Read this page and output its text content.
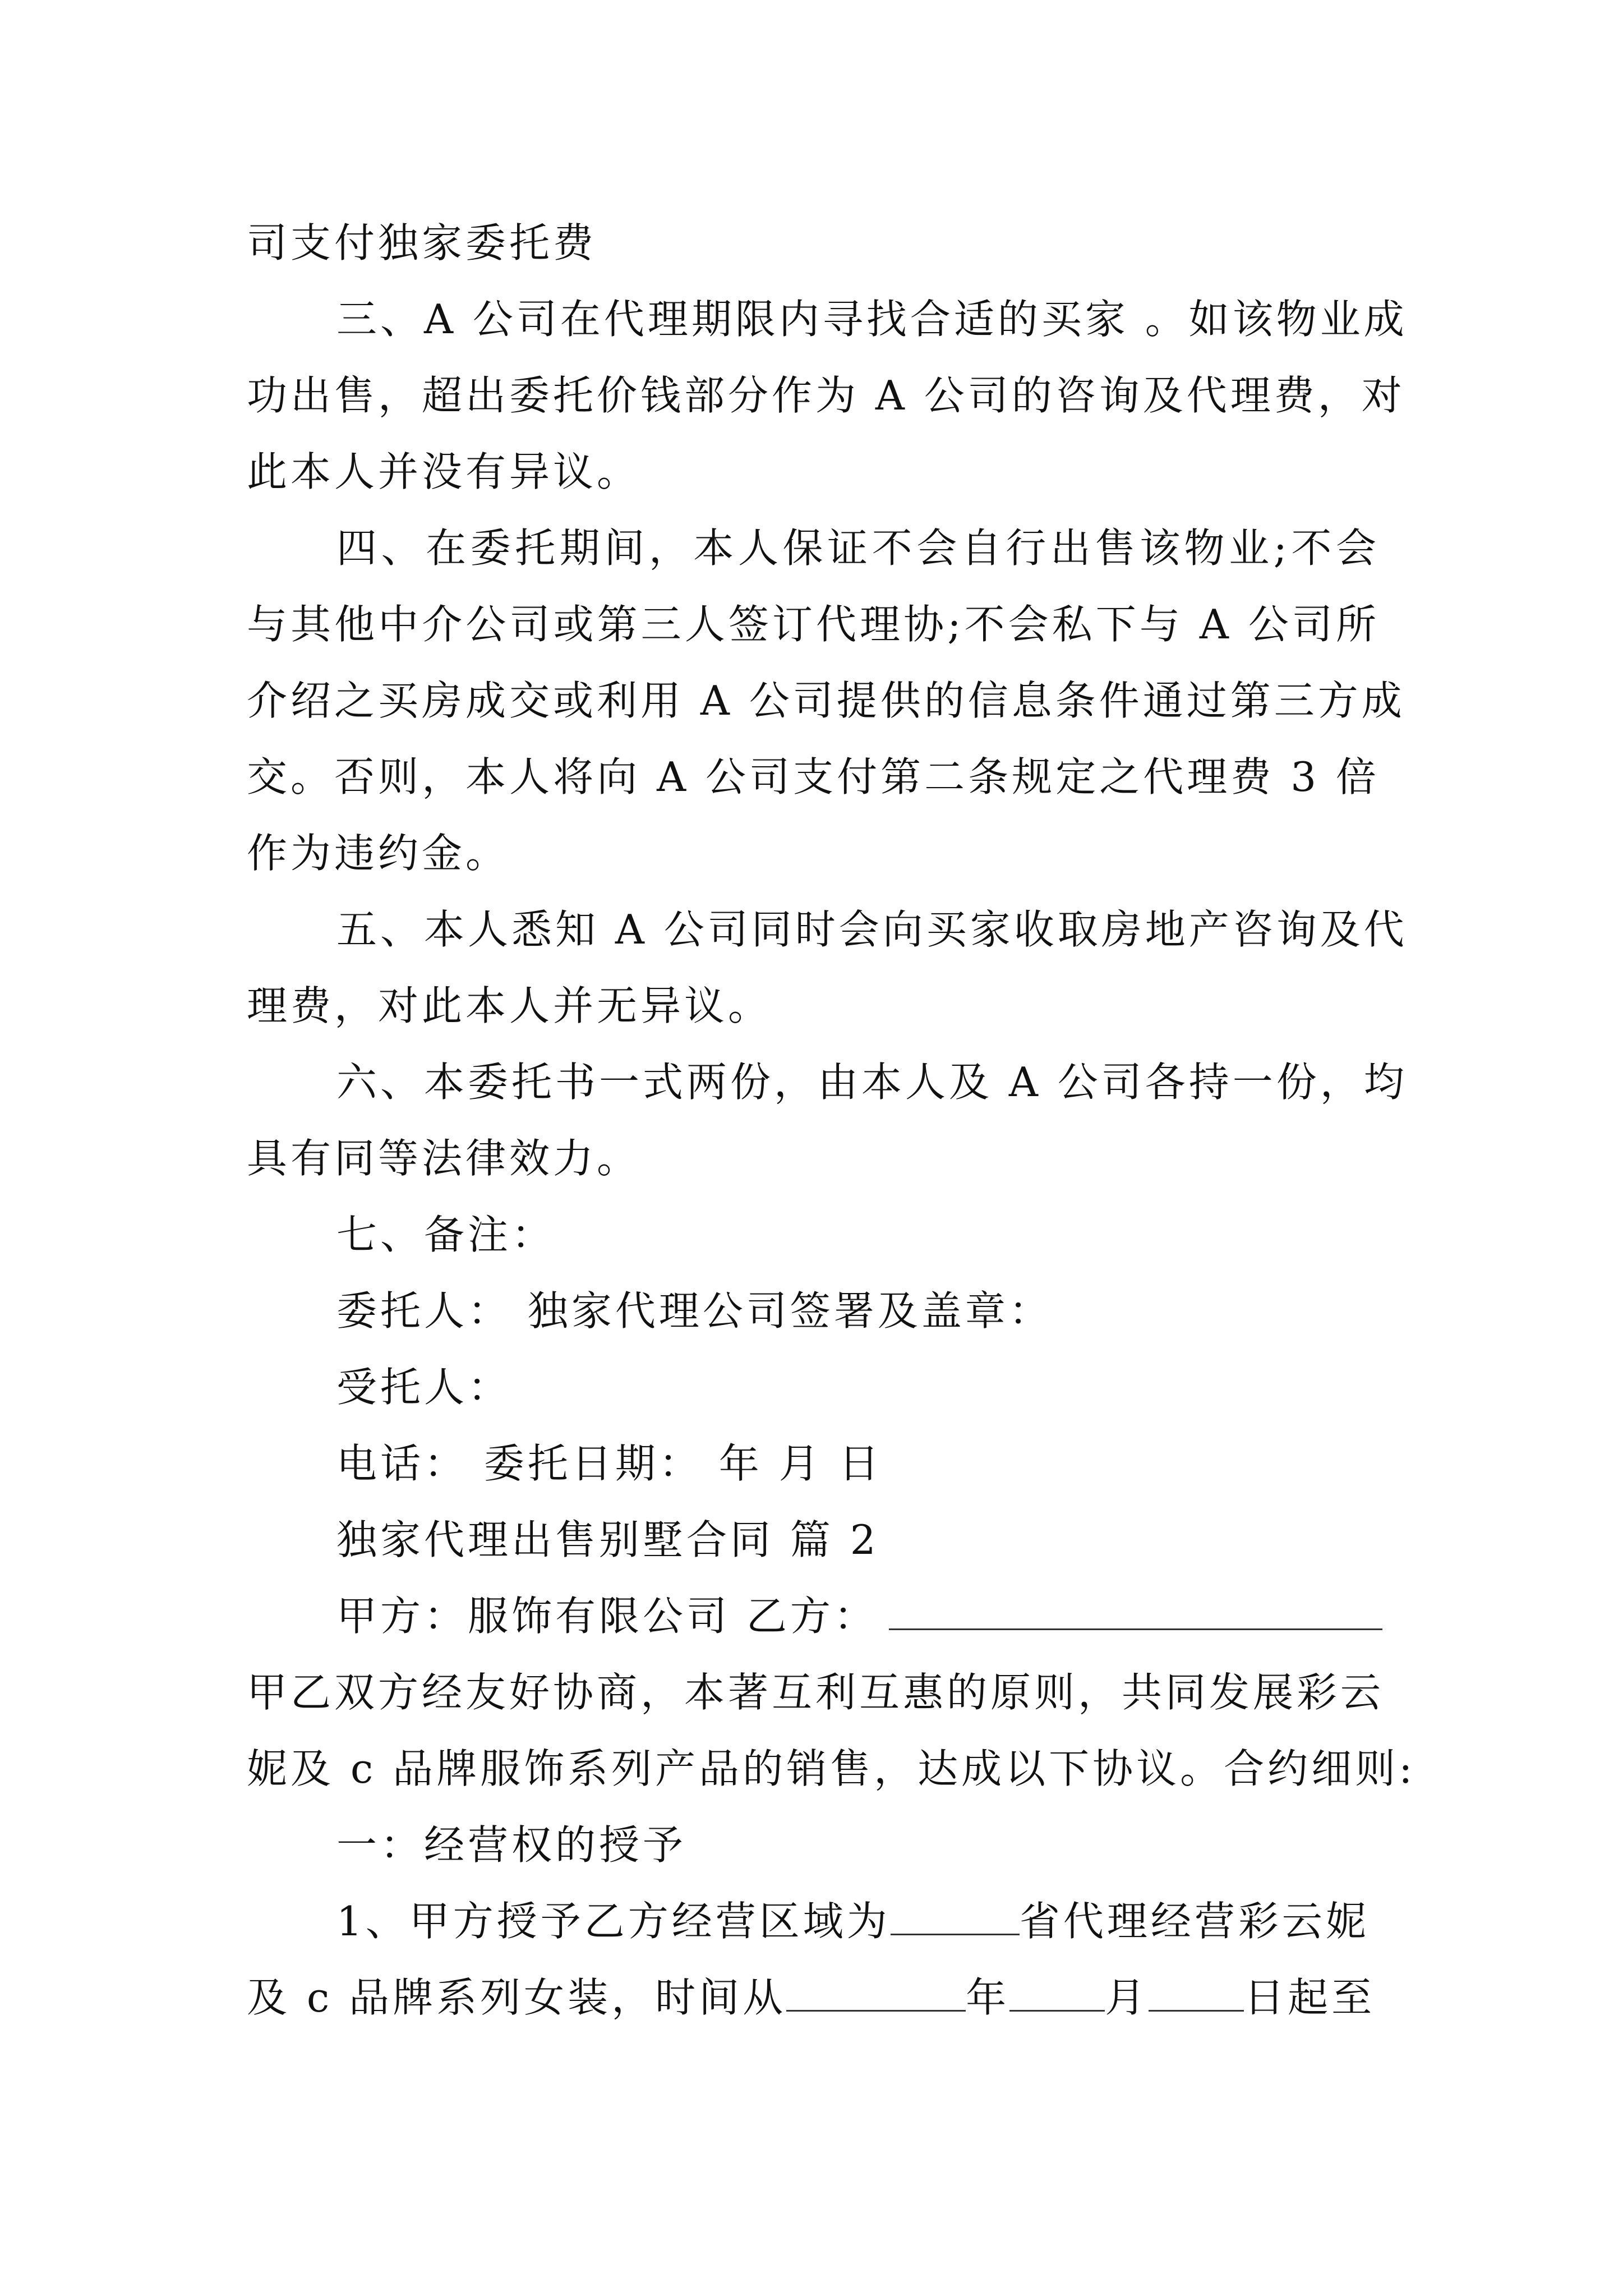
司支付独家委托费
三、A 公司在代理期限内寻找合适的买家 。如该物业成
功出售，超出委托价钱部分作为 A 公司的咨询及代理费，对
此本人并没有异议。
四、在委托期间，本人保证不会自行出售该物业;不会
与其他中介公司或第三人签订代理协;不会私下与 A 公司所
介绍之买房成交或利用 A 公司提供的信息条件通过第三方成
交。否则，本人将向 A 公司支付第二条规定之代理费 3 倍
作为违约金。
五、本人悉知 A 公司同时会向买家收取房地产咨询及代
理费，对此本人并无异议。
六、本委托书一式两份，由本人及 A 公司各持一份，均
具有同等法律效力。
七、备注：
委托人： 独家代理公司签署及盖章：
受托人：
电话： 委托日期： 年 月 日
独家代理出售别墅合同 篇 2
甲方：服饰有限公司 乙方：
甲乙双方经友好协商，本著互利互惠的原则，共同发展彩云
妮及 c 品牌服饰系列产品的销售，达成以下协议。合约细则:
一：经营权的授予
1、甲方授予乙方经营区域为	省代理经营彩云妮
及 c 品牌系列女装，时间从	年 月 日起至
